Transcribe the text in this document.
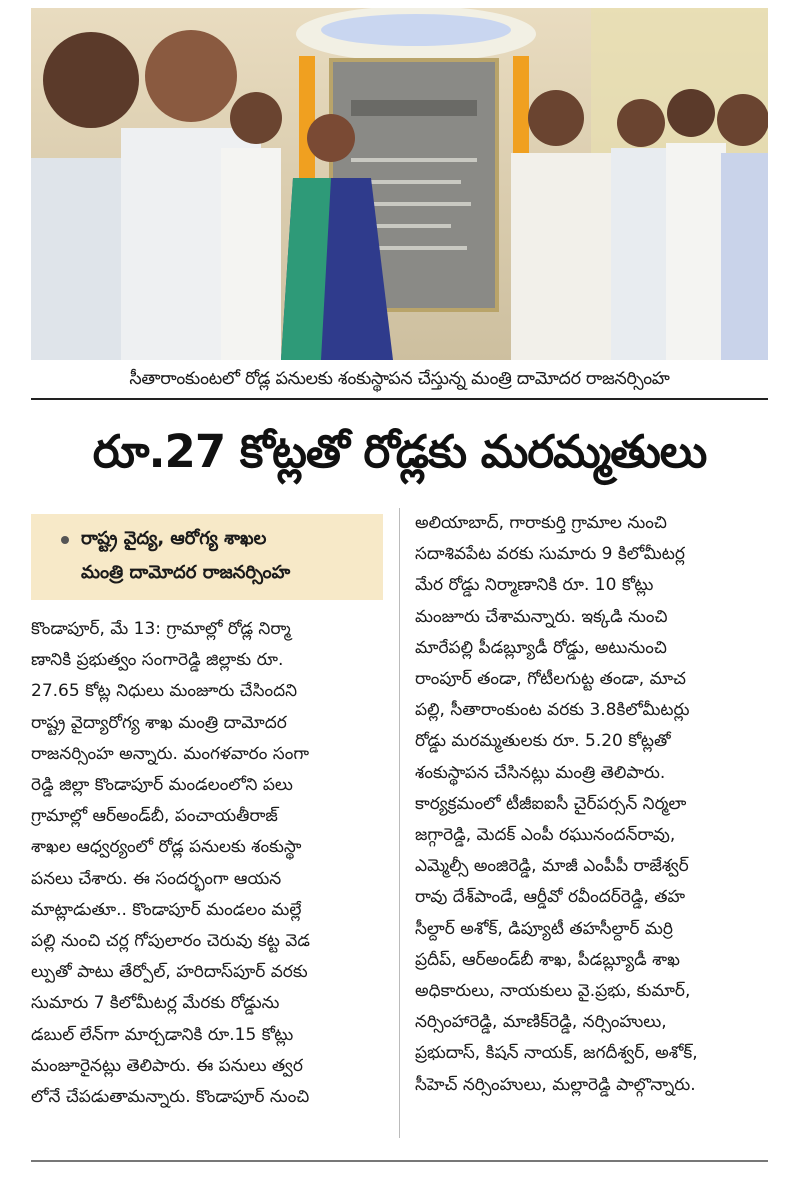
సీతారాంకుంటలో రోడ్ల పనులకు శంకుస్థాపన చేస్తున్న మంత్రి దామోదర రాజనర్సింహ
రూ.27 కోట్లతో రోడ్లకు మరమ్మతులు
రాష్ట్ర వైద్య, ఆరోగ్య శాఖల
మంత్రి దామోదర రాజనర్సింహ
కొండాపూర్‌, మే 13: గ్రామాల్లో రోడ్ల నిర్మా
ణానికి ప్రభుత్వం సంగారెడ్డి జిల్లాకు రూ.
27.65 కోట్ల నిధులు మంజూరు చేసిందని
రాష్ట్ర వైద్యారోగ్య శాఖ మంత్రి దామోదర
రాజనర్సింహ అన్నారు. మంగళవారం సంగా
రెడ్డి జిల్లా కొండాపూర్‌ మండలంలోని పలు
గ్రామాల్లో ఆర్‌అండ్‌బీ, పంచాయతీరాజ్‌
శాఖల ఆధ్వర్యంలో రోడ్ల పనులకు శంకుస్థా
పనలు చేశారు. ఈ సందర్భంగా ఆయన
మాట్లాడుతూ.. కొండాపూర్‌ మండలం మల్లే
పల్లి నుంచి చర్ల గోపులారం చెరువు కట్ట వెడ
ల్పుతో పాటు తేర్పోల్‌, హరిదాస్‌పూర్‌ వరకు
సుమారు 7 కిలోమీటర్ల మేరకు రోడ్డును
డబుల్‌ లేన్‌గా మార్చడానికి రూ.15 కోట్లు
మంజూరైనట్లు తెలిపారు. ఈ పనులు త్వర
లోనే చేపడుతామన్నారు. కొండాపూర్‌ నుంచి
అలియాబాద్‌, గారాకుర్తి గ్రామాల నుంచి
సదాశివపేట వరకు సుమారు 9 కిలోమీటర్ల
మేర రోడ్డు నిర్మాణానికి రూ. 10 కోట్లు
మంజూరు చేశామన్నారు. ఇక్కడి నుంచి
మారేపల్లి పీడబ్ల్యూడీ రోడ్డు, అటునుంచి
రాంపూర్‌ తండా, గోటీలగుట్ట తండా, మాచ
పల్లి, సీతారాంకుంట వరకు 3.8కిలోమీటర్లు
రోడ్డు మరమ్మతులకు రూ. 5.20 కోట్లతో
శంకుస్థాపన చేసినట్లు మంత్రి తెలిపారు.
కార్యక్రమంలో టీజీఐఐసీ చైర్‌పర్సన్‌ నిర్మలా
జగ్గారెడ్డి, మెదక్‌ ఎంపీ రఘునందన్‌రావు,
ఎమ్మెల్సీ అంజిరెడ్డి, మాజీ ఎంపీపీ రాజేశ్వర్‌
రావు దేశ్‌పాండే, ఆర్డీవో రవీందర్‌రెడ్డి, తహ
సీల్దార్‌ అశోక్‌, డిప్యూటీ తహసీల్దార్‌ మర్రి
ప్రదీప్‌, ఆర్‌అండ్‌బీ శాఖ, పీడబ్ల్యూడీ శాఖ
అధికారులు, నాయకులు వై.ప్రభు, కుమార్‌,
నర్సింహారెడ్డి, మాణిక్‌రెడ్డి, నర్సింహులు,
ప్రభుదాస్‌, కిషన్‌ నాయక్‌, జగదీశ్వర్‌, అశోక్‌,
సీహెచ్‌ నర్సింహులు, మల్లారెడ్డి పాల్గొన్నారు.
